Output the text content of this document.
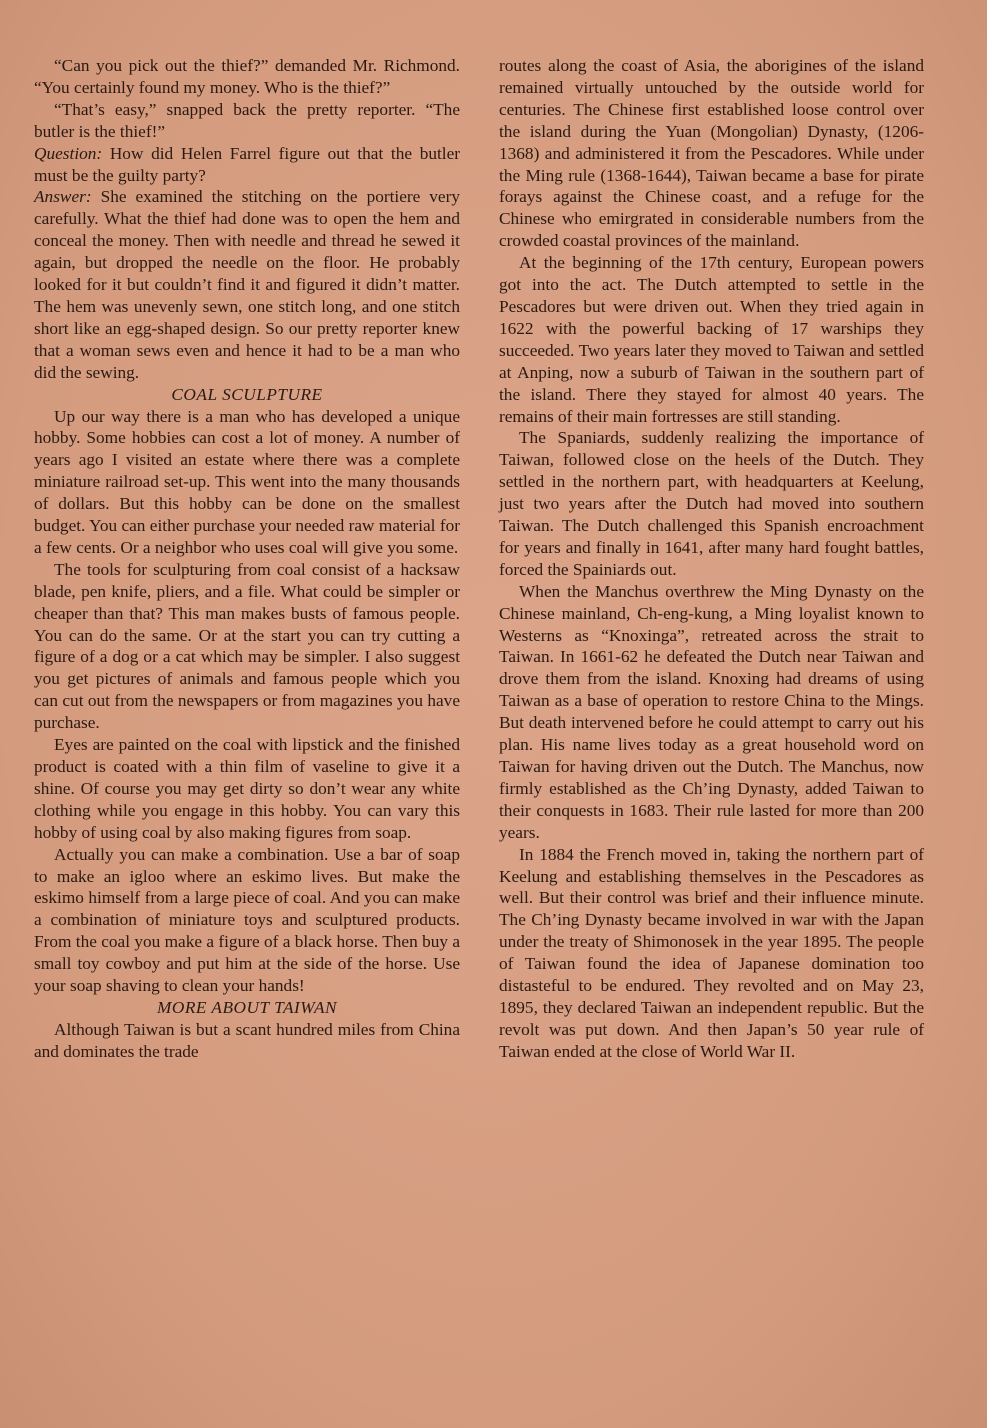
“Can you pick out the thief?” demanded Mr. Richmond. “You certainly found my money. Who is the thief?”

“That’s easy,” snapped back the pretty reporter. “The butler is the thief!”

Question: How did Helen Farrel figure out that the butler must be the guilty party?

Answer: She examined the stitching on the portiere very carefully. What the thief had done was to open the hem and conceal the money. Then with needle and thread he sewed it again, but dropped the needle on the floor. He probably looked for it but couldn’t find it and figured it didn’t matter. The hem was unevenly sewn, one stitch long, and one stitch short like an egg-shaped design. So our pretty reporter knew that a woman sews even and hence it had to be a man who did the sewing.

COAL SCULPTURE

Up our way there is a man who has developed a unique hobby. Some hobbies can cost a lot of money. A number of years ago I visited an estate where there was a complete miniature railroad set-up. This went into the many thousands of dollars. But this hobby can be done on the smallest budget. You can either purchase your needed raw material for a few cents. Or a neighbor who uses coal will give you some.

The tools for sculpturing from coal consist of a hacksaw blade, pen knife, pliers, and a file. What could be simpler or cheaper than that? This man makes busts of famous people. You can do the same. Or at the start you can try cutting a figure of a dog or a cat which may be simpler. I also suggest you get pictures of animals and famous people which you can cut out from the newspapers or from magazines you have purchase.

Eyes are painted on the coal with lipstick and the finished product is coated with a thin film of vaseline to give it a shine. Of course you may get dirty so don’t wear any white clothing while you engage in this hobby. You can vary this hobby of using coal by also making figures from soap.

Actually you can make a combination. Use a bar of soap to make an igloo where an eskimo lives. But make the eskimo himself from a large piece of coal. And you can make a combination of miniature toys and sculptured products. From the coal you make a figure of a black horse. Then buy a small toy cowboy and put him at the side of the horse. Use your soap shaving to clean your hands!

MORE ABOUT TAIWAN

Although Taiwan is but a scant hundred miles from China and dominates the trade

routes along the coast of Asia, the aborigines of the island remained virtually untouched by the outside world for centuries. The Chinese first established loose control over the island during the Yuan (Mongolian) Dynasty, (1206-1368) and administered it from the Pescadores. While under the Ming rule (1368-1644), Taiwan became a base for pirate forays against the Chinese coast, and a refuge for the Chinese who emirgrated in considerable numbers from the crowded coastal provinces of the mainland.

At the beginning of the 17th century, European powers got into the act. The Dutch attempted to settle in the Pescadores but were driven out. When they tried again in 1622 with the powerful backing of 17 warships they succeeded. Two years later they moved to Taiwan and settled at Anping, now a suburb of Taiwan in the southern part of the island. There they stayed for almost 40 years. The remains of their main fortresses are still standing.

The Spaniards, suddenly realizing the importance of Taiwan, followed close on the heels of the Dutch. They settled in the northern part, with headquarters at Keelung, just two years after the Dutch had moved into southern Taiwan. The Dutch challenged this Spanish encroachment for years and finally in 1641, after many hard fought battles, forced the Spainiards out.

When the Manchus overthrew the Ming Dynasty on the Chinese mainland, Ch-eng-kung, a Ming loyalist known to Westerns as “Knoxinga”, retreated across the strait to Taiwan. In 1661-62 he defeated the Dutch near Taiwan and drove them from the island. Knoxing had dreams of using Taiwan as a base of operation to restore China to the Mings. But death intervened before he could attempt to carry out his plan. His name lives today as a great household word on Taiwan for having driven out the Dutch. The Manchus, now firmly established as the Ch’ing Dynasty, added Taiwan to their conquests in 1683. Their rule lasted for more than 200 years.

In 1884 the French moved in, taking the northern part of Keelung and establishing themselves in the Pescadores as well. But their control was brief and their influence minute. The Ch’ing Dynasty became involved in war with the Japan under the treaty of Shimonosek in the year 1895. The people of Taiwan found the idea of Japanese domination too distasteful to be endured. They revolted and on May 23, 1895, they declared Taiwan an independent republic. But the revolt was put down. And then Japan’s 50 year rule of Taiwan ended at the close of World War II.
